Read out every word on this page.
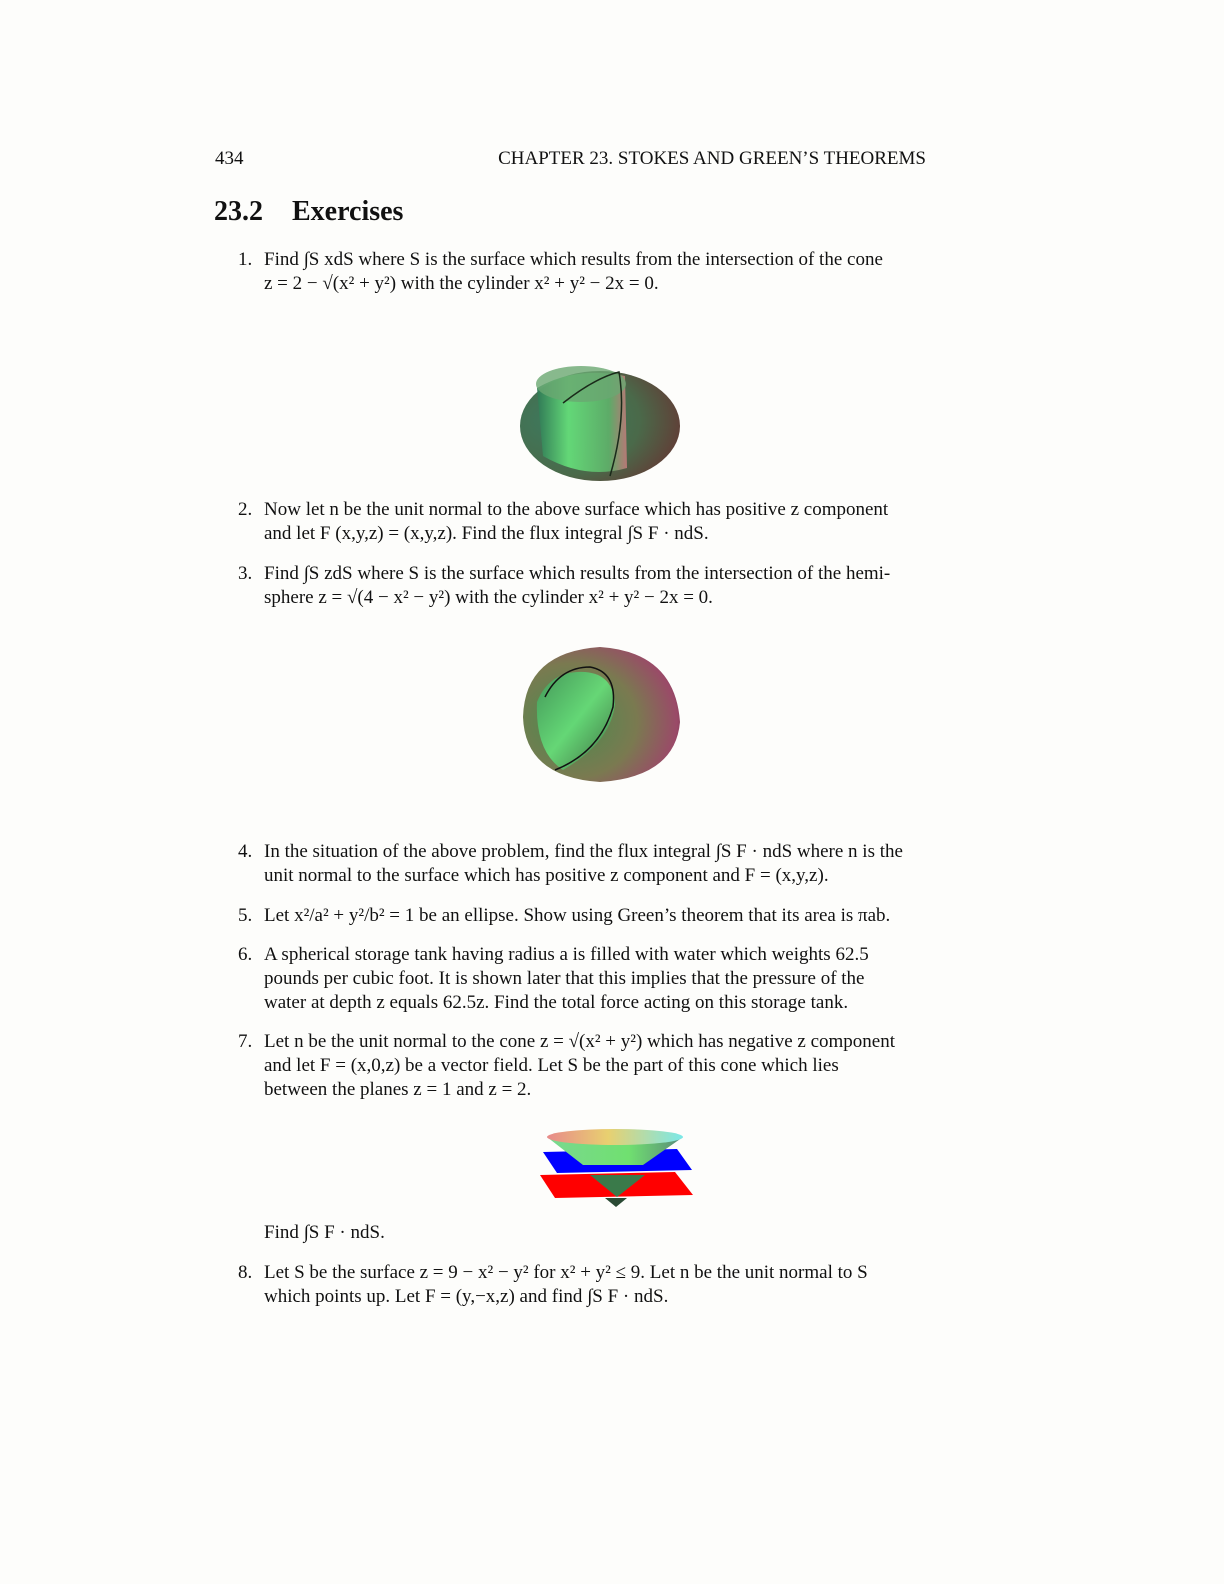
434	CHAPTER 23. STOKES AND GREEN’S THEOREMS
23.2 Exercises
1. Find ∫S xdS where S is the surface which results from the intersection of the cone

z = 2 − √(x² + y²) with the cylinder x² + y² − 2x = 0.

2. Now let n be the unit normal to the above surface which has positive z component

and let F (x,y,z) = (x,y,z). Find the flux integral ∫S F · ndS.

3. Find ∫S zdS where S is the surface which results from the intersection of the hemi-

sphere z = √(4 − x² − y²) with the cylinder x² + y² − 2x = 0.

4. In the situation of the above problem, find the flux integral ∫S F · ndS where n is the

unit normal to the surface which has positive z component and F = (x,y,z).

5. Let x²/a² + y²/b² = 1 be an ellipse. Show using Green’s theorem that its area is πab.

6. A spherical storage tank having radius a is filled with water which weights 62.5

pounds per cubic foot. It is shown later that this implies that the pressure of the

water at depth z equals 62.5z. Find the total force acting on this storage tank.

7. Let n be the unit normal to the cone z = √(x² + y²) which has negative z component

and let F = (x,0,z) be a vector field. Let S be the part of this cone which lies

between the planes z = 1 and z = 2.

Find ∫S F · ndS.

8. Let S be the surface z = 9 − x² − y² for x² + y² ≤ 9. Let n be the unit normal to S

which points up. Let F = (y,−x,z) and find ∫S F · ndS.
